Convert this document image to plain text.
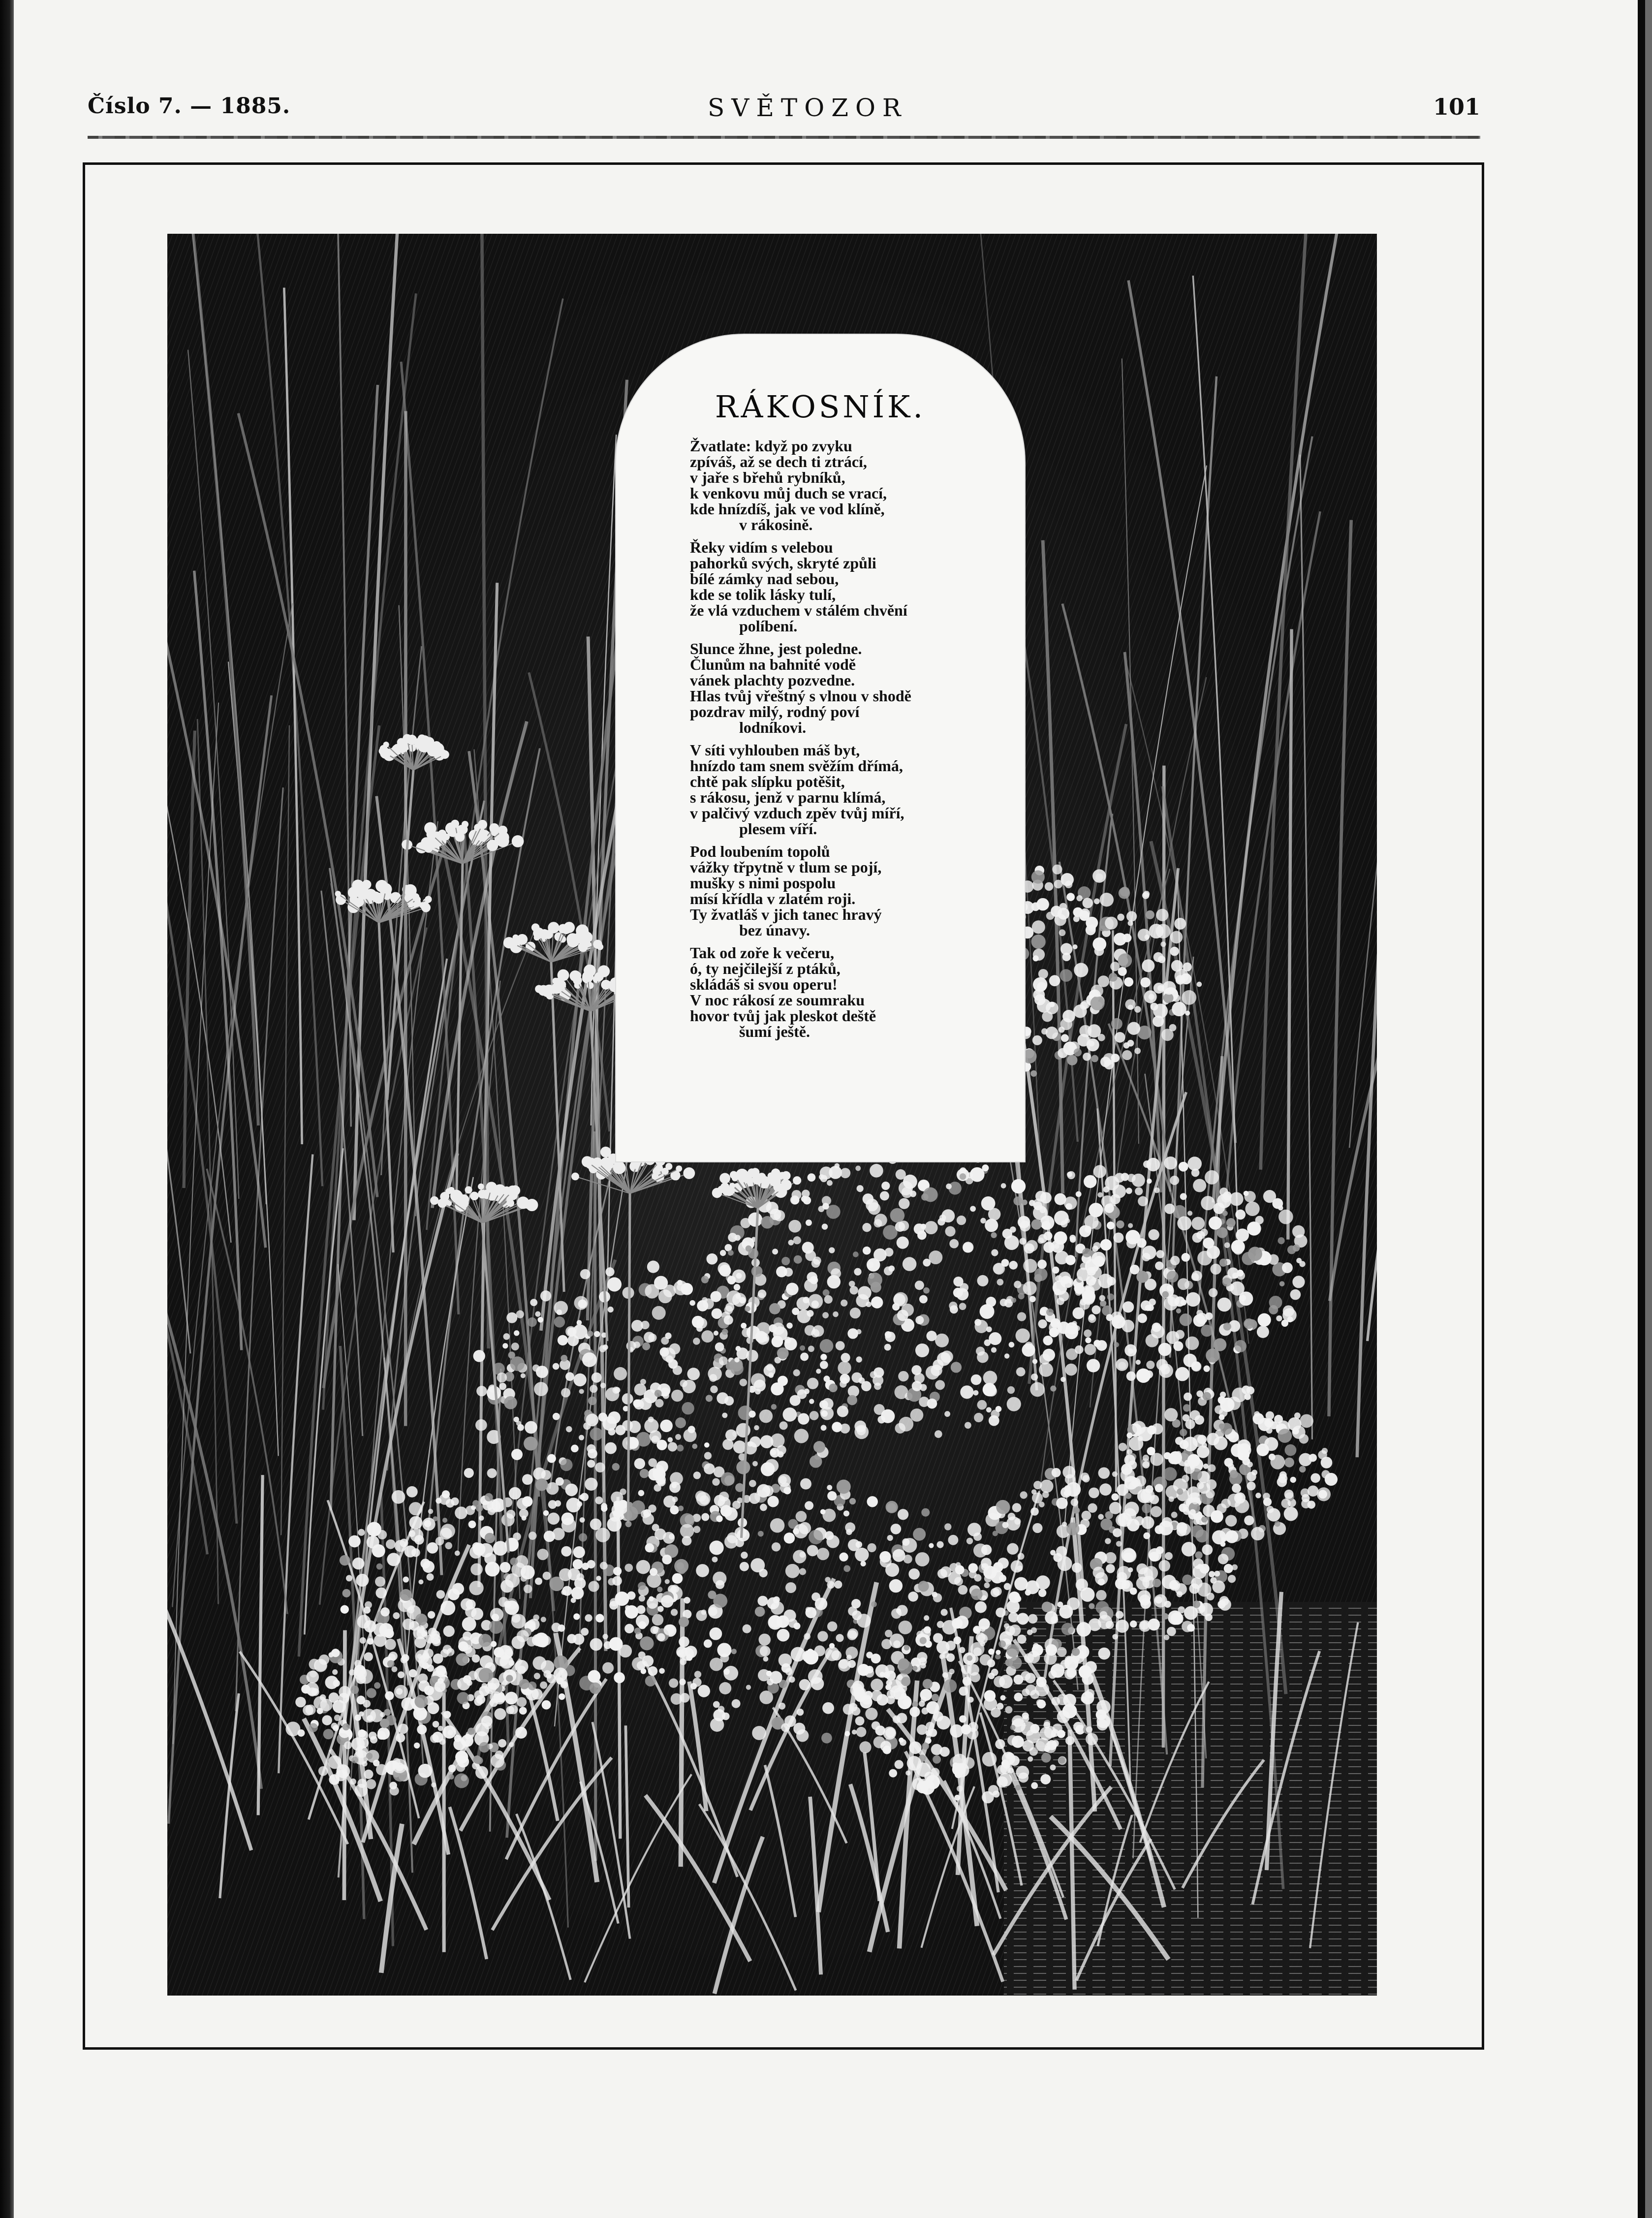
Číslo 7. — 1885.	SVĚTOZOR	101
RÁKOSNÍK.
Žvatlate: když po zvyku
zpíváš, až se dech ti ztrácí,
v jaře s břehů rybníků,
k venkovu můj duch se vrací,
kde hnízdíš, jak ve vod klíně,
v rákosině.
Řeky vidím s velebou
pahorků svých, skryté způli
bílé zámky nad sebou,
kde se tolik lásky tulí,
že vlá vzduchem v stálém chvění
políbení.
Slunce žhne, jest poledne.
Člunům na bahnité vodě
vánek plachty pozvedne.
Hlas tvůj vřeštný s vlnou v shodě
pozdrav milý, rodný poví
lodníkovi.
V síti vyhlouben máš byt,
hnízdo tam snem svěžím dřímá,
chtě pak slípku potěšit,
s rákosu, jenž v parnu klímá,
v palčivý vzduch zpěv tvůj míří,
plesem víří.
Pod loubením topolů
vážky třpytně v tlum se pojí,
mušky s nimi pospolu
mísí křídla v zlatém roji.
Ty žvatláš v jich tanec hravý
bez únavy.
Tak od zoře k večeru,
ó, ty nejčilejší z ptáků,
skládáš si svou operu!
V noc rákosí ze soumraku
hovor tvůj jak pleskot deště
šumí ještě.
